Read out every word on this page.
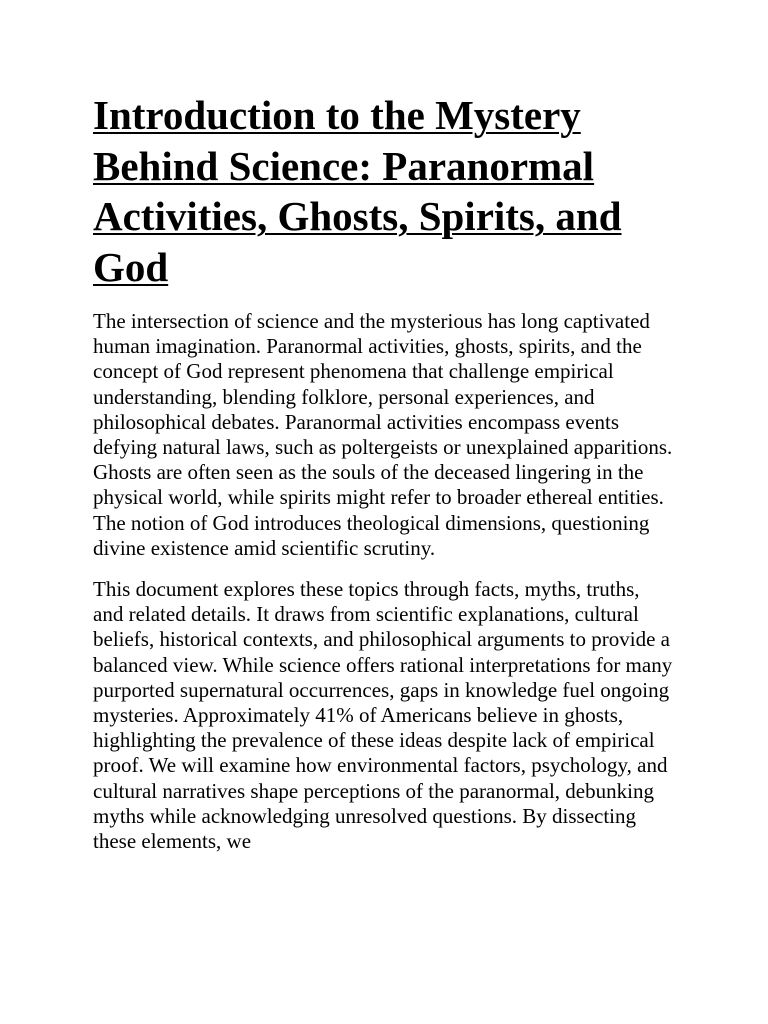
Introduction to the Mystery Behind Science: Paranormal Activities, Ghosts, Spirits, and God

The intersection of science and the mysterious has long captivated human imagination. Paranormal activities, ghosts, spirits, and the concept of God represent phenomena that challenge empirical understanding, blending folklore, personal experiences, and philosophical debates. Paranormal activities encompass events defying natural laws, such as poltergeists or unexplained apparitions. Ghosts are often seen as the souls of the deceased lingering in the physical world, while spirits might refer to broader ethereal entities. The notion of God introduces theological dimensions, questioning divine existence amid scientific scrutiny.

This document explores these topics through facts, myths, truths, and related details. It draws from scientific explanations, cultural beliefs, historical contexts, and philosophical arguments to provide a balanced view. While science offers rational interpretations for many purported supernatural occurrences, gaps in knowledge fuel ongoing mysteries. Approximately 41% of Americans believe in ghosts, highlighting the prevalence of these ideas despite lack of empirical proof. We will examine how environmental factors, psychology, and cultural narratives shape perceptions of the paranormal, debunking myths while acknowledging unresolved questions. By dissecting these elements, we
